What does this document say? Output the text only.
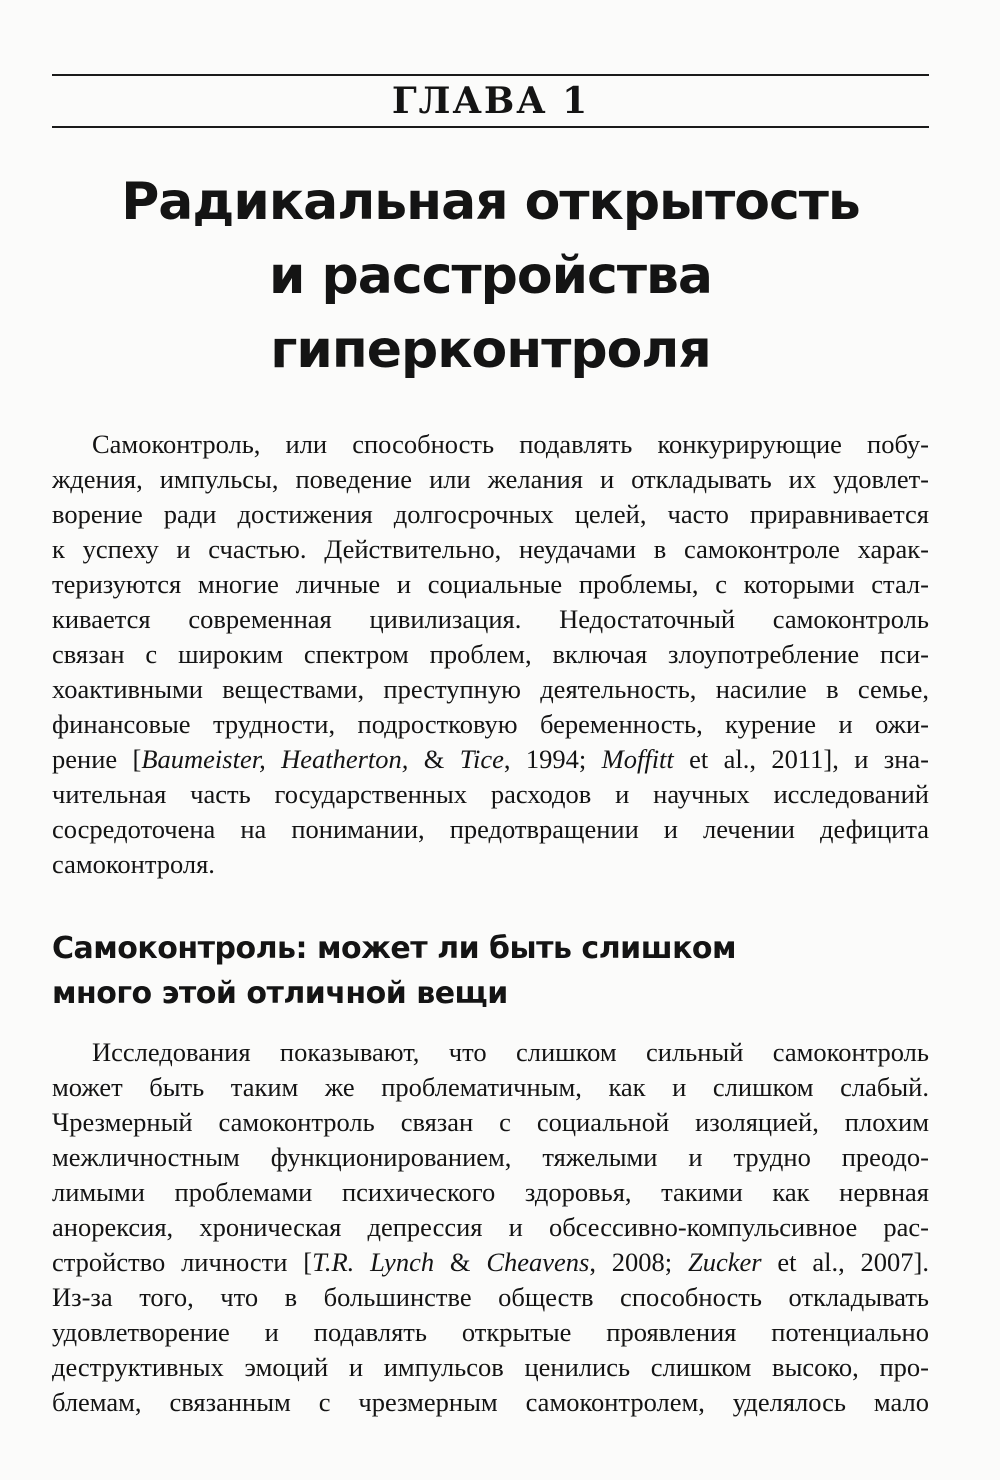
ГЛАВА 1
Радикальная открытость
и расстройства гиперконтроля
Самоконтроль, или способность подавлять конкурирующие побу-
ждения, импульсы, поведение или желания и откладывать их удовлет-
ворение ради достижения долгосрочных целей, часто приравнивается
к успеху и счастью. Действительно, неудачами в самоконтроле харак-
теризуются многие личные и социальные проблемы, с которыми стал-
кивается современная цивилизация. Недостаточный самоконтроль
связан с широким спектром проблем, включая злоупотребление пси-
хоактивными веществами, преступную деятельность, насилие в семье,
финансовые трудности, подростковую беременность, курение и ожи-
рение [Baumeister, Heatherton, & Tice, 1994; Moffitt et al., 2011], и зна-
чительная часть государственных расходов и научных исследований
сосредоточена на понимании, предотвращении и лечении дефицита
самоконтроля.
Самоконтроль: может ли быть слишком
много этой отличной вещи
Исследования показывают, что слишком сильный самоконтроль
может быть таким же проблематичным, как и слишком слабый.
Чрезмерный самоконтроль связан с социальной изоляцией, плохим
межличностным функционированием, тяжелыми и трудно преодо-
лимыми проблемами психического здоровья, такими как нервная
анорексия, хроническая депрессия и обсессивно-компульсивное рас-
стройство личности [T.R. Lynch & Cheavens, 2008; Zucker et al., 2007].
Из-за того, что в большинстве обществ способность откладывать
удовлетворение и подавлять открытые проявления потенциально
деструктивных эмоций и импульсов ценились слишком высоко, про-
блемам, связанным с чрезмерным самоконтролем, уделялось мало
